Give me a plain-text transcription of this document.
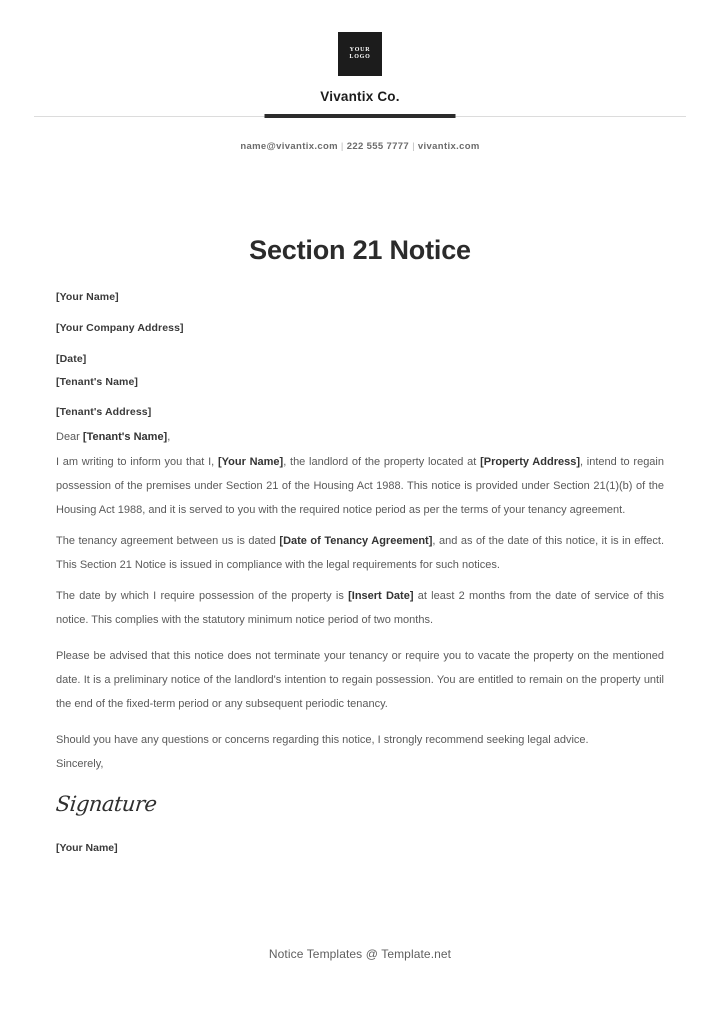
YOUR
LOGO
Vivantix Co.
name@vivantix.com | 222 555 7777 | vivantix.com
Section 21 Notice
[Your Name]
[Your Company Address]
[Date]
[Tenant's Name]
[Tenant's Address]
Dear [Tenant's Name],

I am writing to inform you that I, [Your Name], the landlord of the property located at [Property Address], intend to regain possession of the premises under Section 21 of the Housing Act 1988. This notice is provided under Section 21(1)(b) of the Housing Act 1988, and it is served to you with the required notice period as per the terms of your tenancy agreement.

The tenancy agreement between us is dated [Date of Tenancy Agreement], and as of the date of this notice, it is in effect. This Section 21 Notice is issued in compliance with the legal requirements for such notices.

The date by which I require possession of the property is [Insert Date] at least 2 months from the date of service of this notice. This complies with the statutory minimum notice period of two months.

Please be advised that this notice does not terminate your tenancy or require you to vacate the property on the mentioned date. It is a preliminary notice of the landlord's intention to regain possession. You are entitled to remain on the property until the end of the fixed-term period or any subsequent periodic tenancy.

Should you have any questions or concerns regarding this notice, I strongly recommend seeking legal advice.

Sincerely,
Signature
[Your Name]
Notice Templates @ Template.net
